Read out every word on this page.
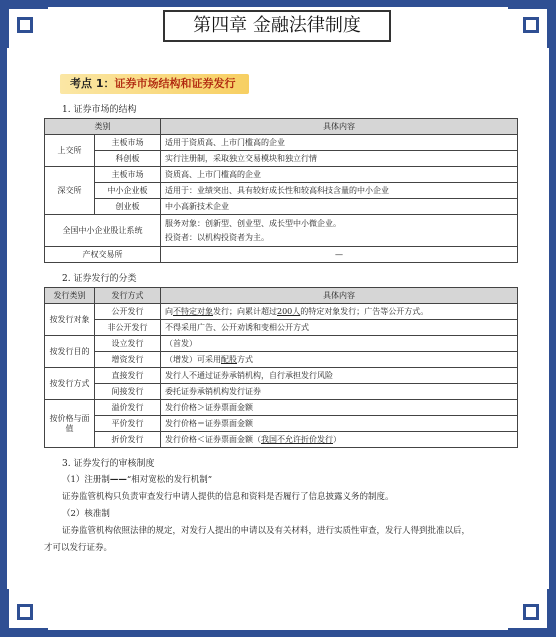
第四章 金融法律制度
考点 1：证券市场结构和证券发行
1. 证券市场的结构
类别		具体内容
上交所	主板市场	适用于资质高、上市门槛高的企业
	科创板	实行注册制，采取独立交易模块和独立行情
深交所	主板市场	资质高、上市门槛高的企业
	中小企业板	适用于：业绩突出、具有较好成长性和较高科技含量的中小企业
	创业板	中小高新技术企业
全国中小企业股让系统		服务对象：创新型、创业型、成长型中小微企业。
投资者：以机构投资者为主。

产权交易所		—
2. 证券发行的分类
发行类别	发行方式	具体内容
按发行对象	公开发行	向不特定对象发行；向累计超过200人的特定对象发行；广告等公开方式。
	非公开发行	不得采用广告、公开劝诱和变相公开方式
按发行目的	设立发行	（首发）
	增资发行	（增发）可采用配股方式
按发行方式	直接发行	发行人不通过证券承销机构，自行承担发行风险
	间接发行	委托证券承销机构发行证券
按价格与面值	溢价发行	发行价格＞证券票面金额
	平价发行	发行价格＝证券票面金额
	折价发行	发行价格＜证券票面金额（我国不允许折价发行）
3. 证券发行的审核制度
（1）注册制——“相对宽松的发行机制”
证券监管机构只负责审查发行申请人提供的信息和资料是否履行了信息披露义务的制度。
（2）核准制
证券监管机构依照法律的规定，对发行人提出的申请以及有关材料，进行实质性审查，发行人得到批准以后，
才可以发行证券。
